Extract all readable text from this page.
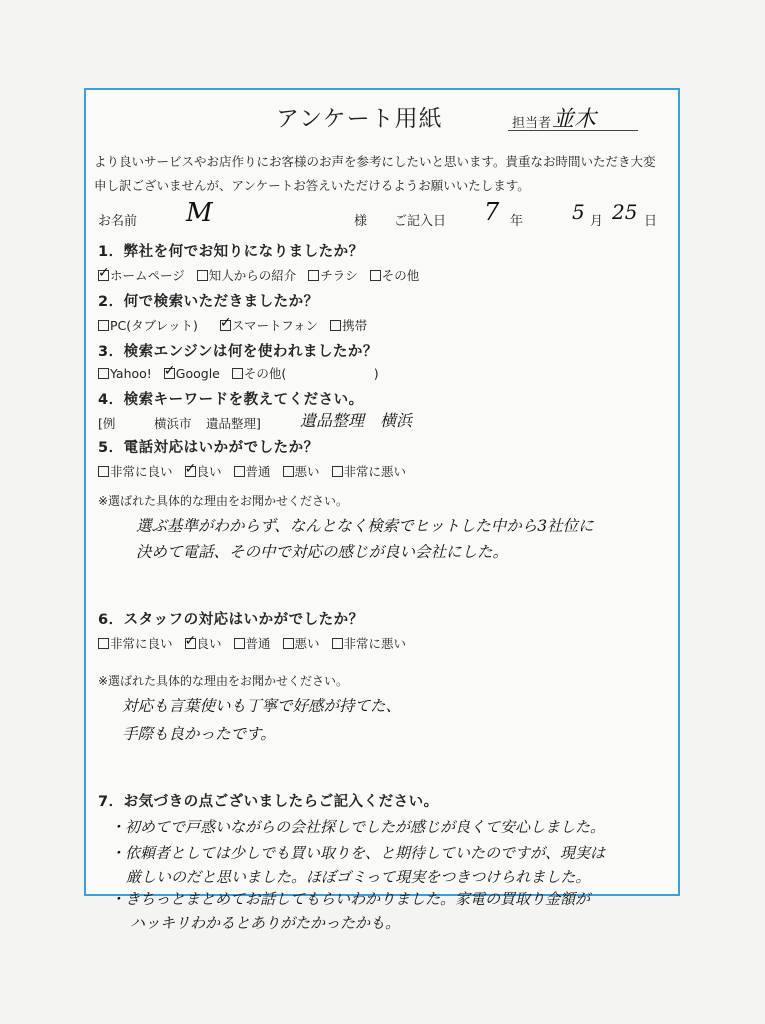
アンケート用紙	担当者 並木
より良いサービスやお店作りにお客様のお声を参考にしたいと思います。貴重なお時間いただき大変
申し訳ございませんが、アンケートお答えいただけるようお願いいたします。
お名前 M	様 ご記入日 7 年 5 月 25 日
1．弊社を何でお知りになりましたか？
✓ホームページ 知人からの紹介 チラシ その他
2．何で検索いただきましたか？
PC(タブレット) ✓	スマートフォン 携帯
3．検索エンジンは何を使われましたか？
Yahoo! ✓ Google その他(　　　　　　　)
4．検索キーワードを教えてください。
[例	横浜市 遺品整理] 遺品整理　横浜
5．電話対応はいかがでしたか？
非常に良い ✓ 良い 普通 悪い 非常に悪い
※選ばれた具体的な理由をお聞かせください。
選ぶ基準がわからず、なんとなく検索でヒットした中から3社位に
決めて電話、その中で対応の感じが良い会社にした。
6．スタッフの対応はいかがでしたか？
非常に良い ✓ 良い 普通 悪い 非常に悪い
※選ばれた具体的な理由をお聞かせください。
対応も言葉使いも丁寧で好感が持てた、
手際も良かったです。
7．お気づきの点ございましたらご記入ください。
・初めてで戸惑いながらの会社探しでしたが感じが良くて安心しました。
・依頼者としては少しでも買い取りを、と期待していたのですが、現実は
厳しいのだと思いました。ほぼゴミって現実をつきつけられました。
・きちっとまとめてお話してもらいわかりました。家電の買取り金額が
ハッキリわかるとありがたかったかも。
